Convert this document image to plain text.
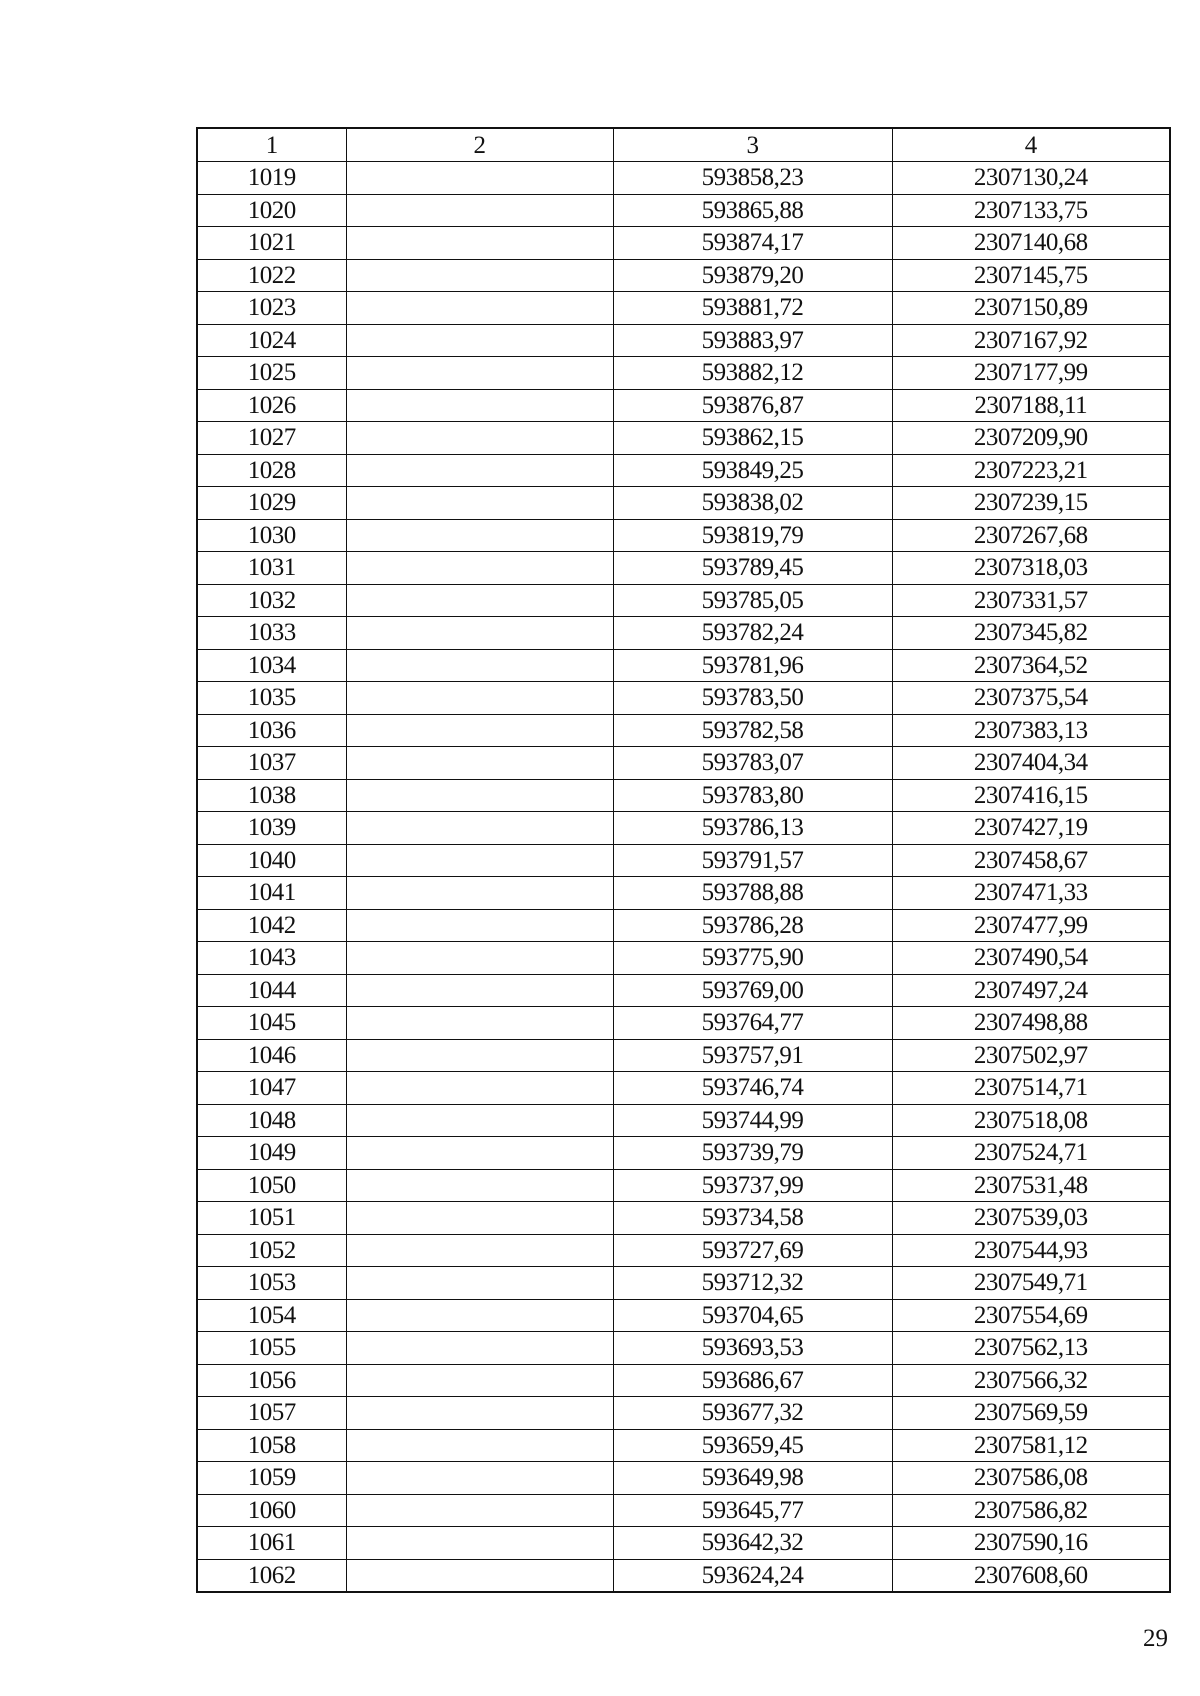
1	2	3	4
1019		593858,23	2307130,24
1020		593865,88	2307133,75
1021		593874,17	2307140,68
1022		593879,20	2307145,75
1023		593881,72	2307150,89
1024		593883,97	2307167,92
1025		593882,12	2307177,99
1026		593876,87	2307188,11
1027		593862,15	2307209,90
1028		593849,25	2307223,21
1029		593838,02	2307239,15
1030		593819,79	2307267,68
1031		593789,45	2307318,03
1032		593785,05	2307331,57
1033		593782,24	2307345,82
1034		593781,96	2307364,52
1035		593783,50	2307375,54
1036		593782,58	2307383,13
1037		593783,07	2307404,34
1038		593783,80	2307416,15
1039		593786,13	2307427,19
1040		593791,57	2307458,67
1041		593788,88	2307471,33
1042		593786,28	2307477,99
1043		593775,90	2307490,54
1044		593769,00	2307497,24
1045		593764,77	2307498,88
1046		593757,91	2307502,97
1047		593746,74	2307514,71
1048		593744,99	2307518,08
1049		593739,79	2307524,71
1050		593737,99	2307531,48
1051		593734,58	2307539,03
1052		593727,69	2307544,93
1053		593712,32	2307549,71
1054		593704,65	2307554,69
1055		593693,53	2307562,13
1056		593686,67	2307566,32
1057		593677,32	2307569,59
1058		593659,45	2307581,12
1059		593649,98	2307586,08
1060		593645,77	2307586,82
1061		593642,32	2307590,16
1062		593624,24	2307608,60
29
